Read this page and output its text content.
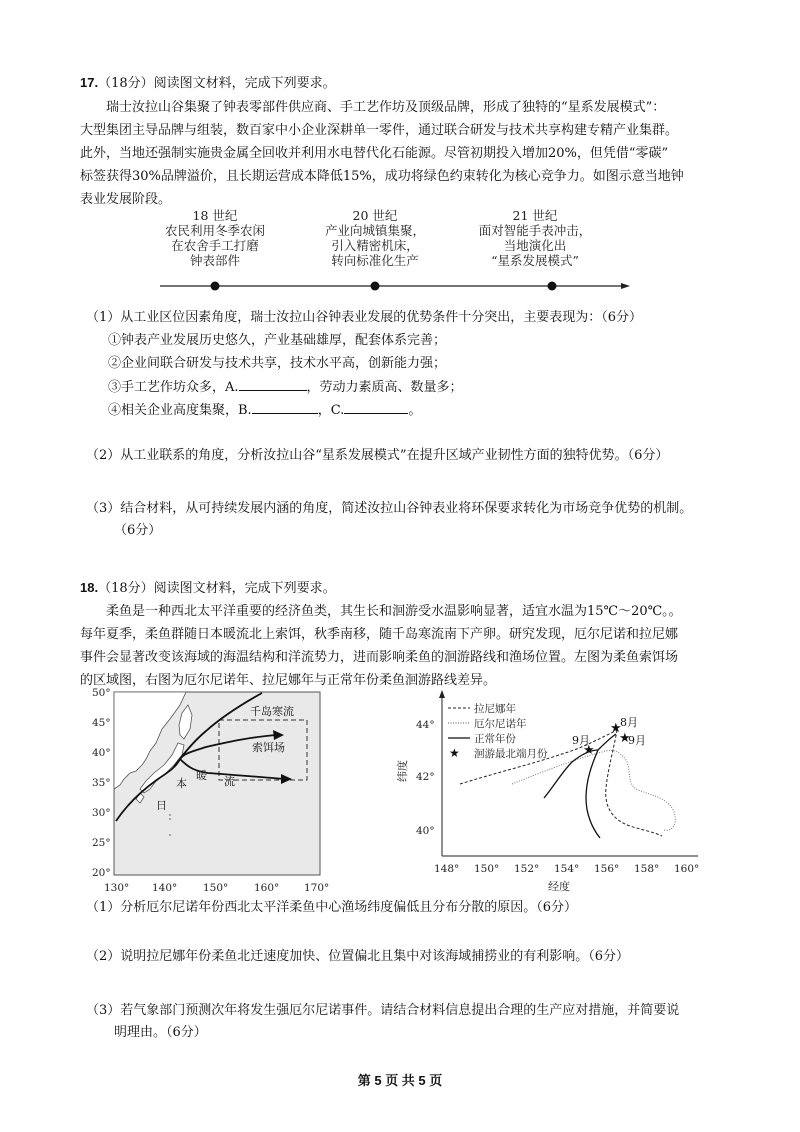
17.（18分）阅读图文材料，完成下列要求。
瑞士汝拉山谷集聚了钟表零部件供应商、手工艺作坊及顶级品牌，形成了独特的“星系发展模式”：
大型集团主导品牌与组装，数百家中小企业深耕单一零件，通过联合研发与技术共享构建专精产业集群。
此外，当地还强制实施贵金属全回收并利用水电替代化石能源。尽管初期投入增加20%，但凭借“零碳”
标签获得30%品牌溢价，且长期运营成本降低15%，成功将绿色约束转化为核心竞争力。如图示意当地钟
表业发展阶段。
18 世纪
农民利用冬季农闲
在农舍手工打磨
钟表部件
20 世纪
产业向城镇集聚，
引入精密机床，
转向标准化生产
21 世纪
面对智能手表冲击，
当地演化出
“星系发展模式”
（1）从工业区位因素角度，瑞士汝拉山谷钟表业发展的优势条件十分突出，主要表现为：（6分）
①钟表产业发展历史悠久，产业基础雄厚，配套体系完善；
②企业间联合研发与技术共享，技术水平高，创新能力强；
③手工艺作坊众多，A.	，劳动力素质高、数量多；
④相关企业高度集聚，B.	，C.	。
（2）从工业联系的角度，分析汝拉山谷“星系发展模式”在提升区域产业韧性方面的独特优势。（6分）
（3）结合材料，从可持续发展内涵的角度，简述汝拉山谷钟表业将环保要求转化为市场竞争优势的机制。
（6分）
18.（18分）阅读图文材料，完成下列要求。
柔鱼是一种西北太平洋重要的经济鱼类，其生长和洄游受水温影响显著，适宜水温为15℃～20℃。。
每年夏季，柔鱼群随日本暖流北上索饵，秋季南移，随千岛寒流南下产卵。研究发现，厄尔尼诺和拉尼娜
事件会显著改变该海域的海温结构和洋流势力，进而影响柔鱼的洄游路线和渔场位置。左图为柔鱼索饵场
的区域图，右图为厄尔尼诺年、拉尼娜年与正常年份柔鱼洄游路线差异。
千岛寒流
索饵场
暖 流
本
日
50°
45°
40°
35°
30°
25°
20°
130° 140° 150° 160° 170°
拉尼娜年
厄尔尼诺年
正常年份
★ 洄游最北端月份
44°
42°
40°
纬度
148° 150° 152° 154° 156° 158° 160°
经度
★
8月
★
9月
★
9月
（1）分析厄尔尼诺年份西北太平洋柔鱼中心渔场纬度偏低且分布分散的原因。（6分）
（2）说明拉尼娜年份柔鱼北迁速度加快、位置偏北且集中对该海域捕捞业的有利影响。（6分）
（3）若气象部门预测次年将发生强厄尔尼诺事件。请结合材料信息提出合理的生产应对措施，并简要说
明理由。（6分）
第 5 页 共 5 页
